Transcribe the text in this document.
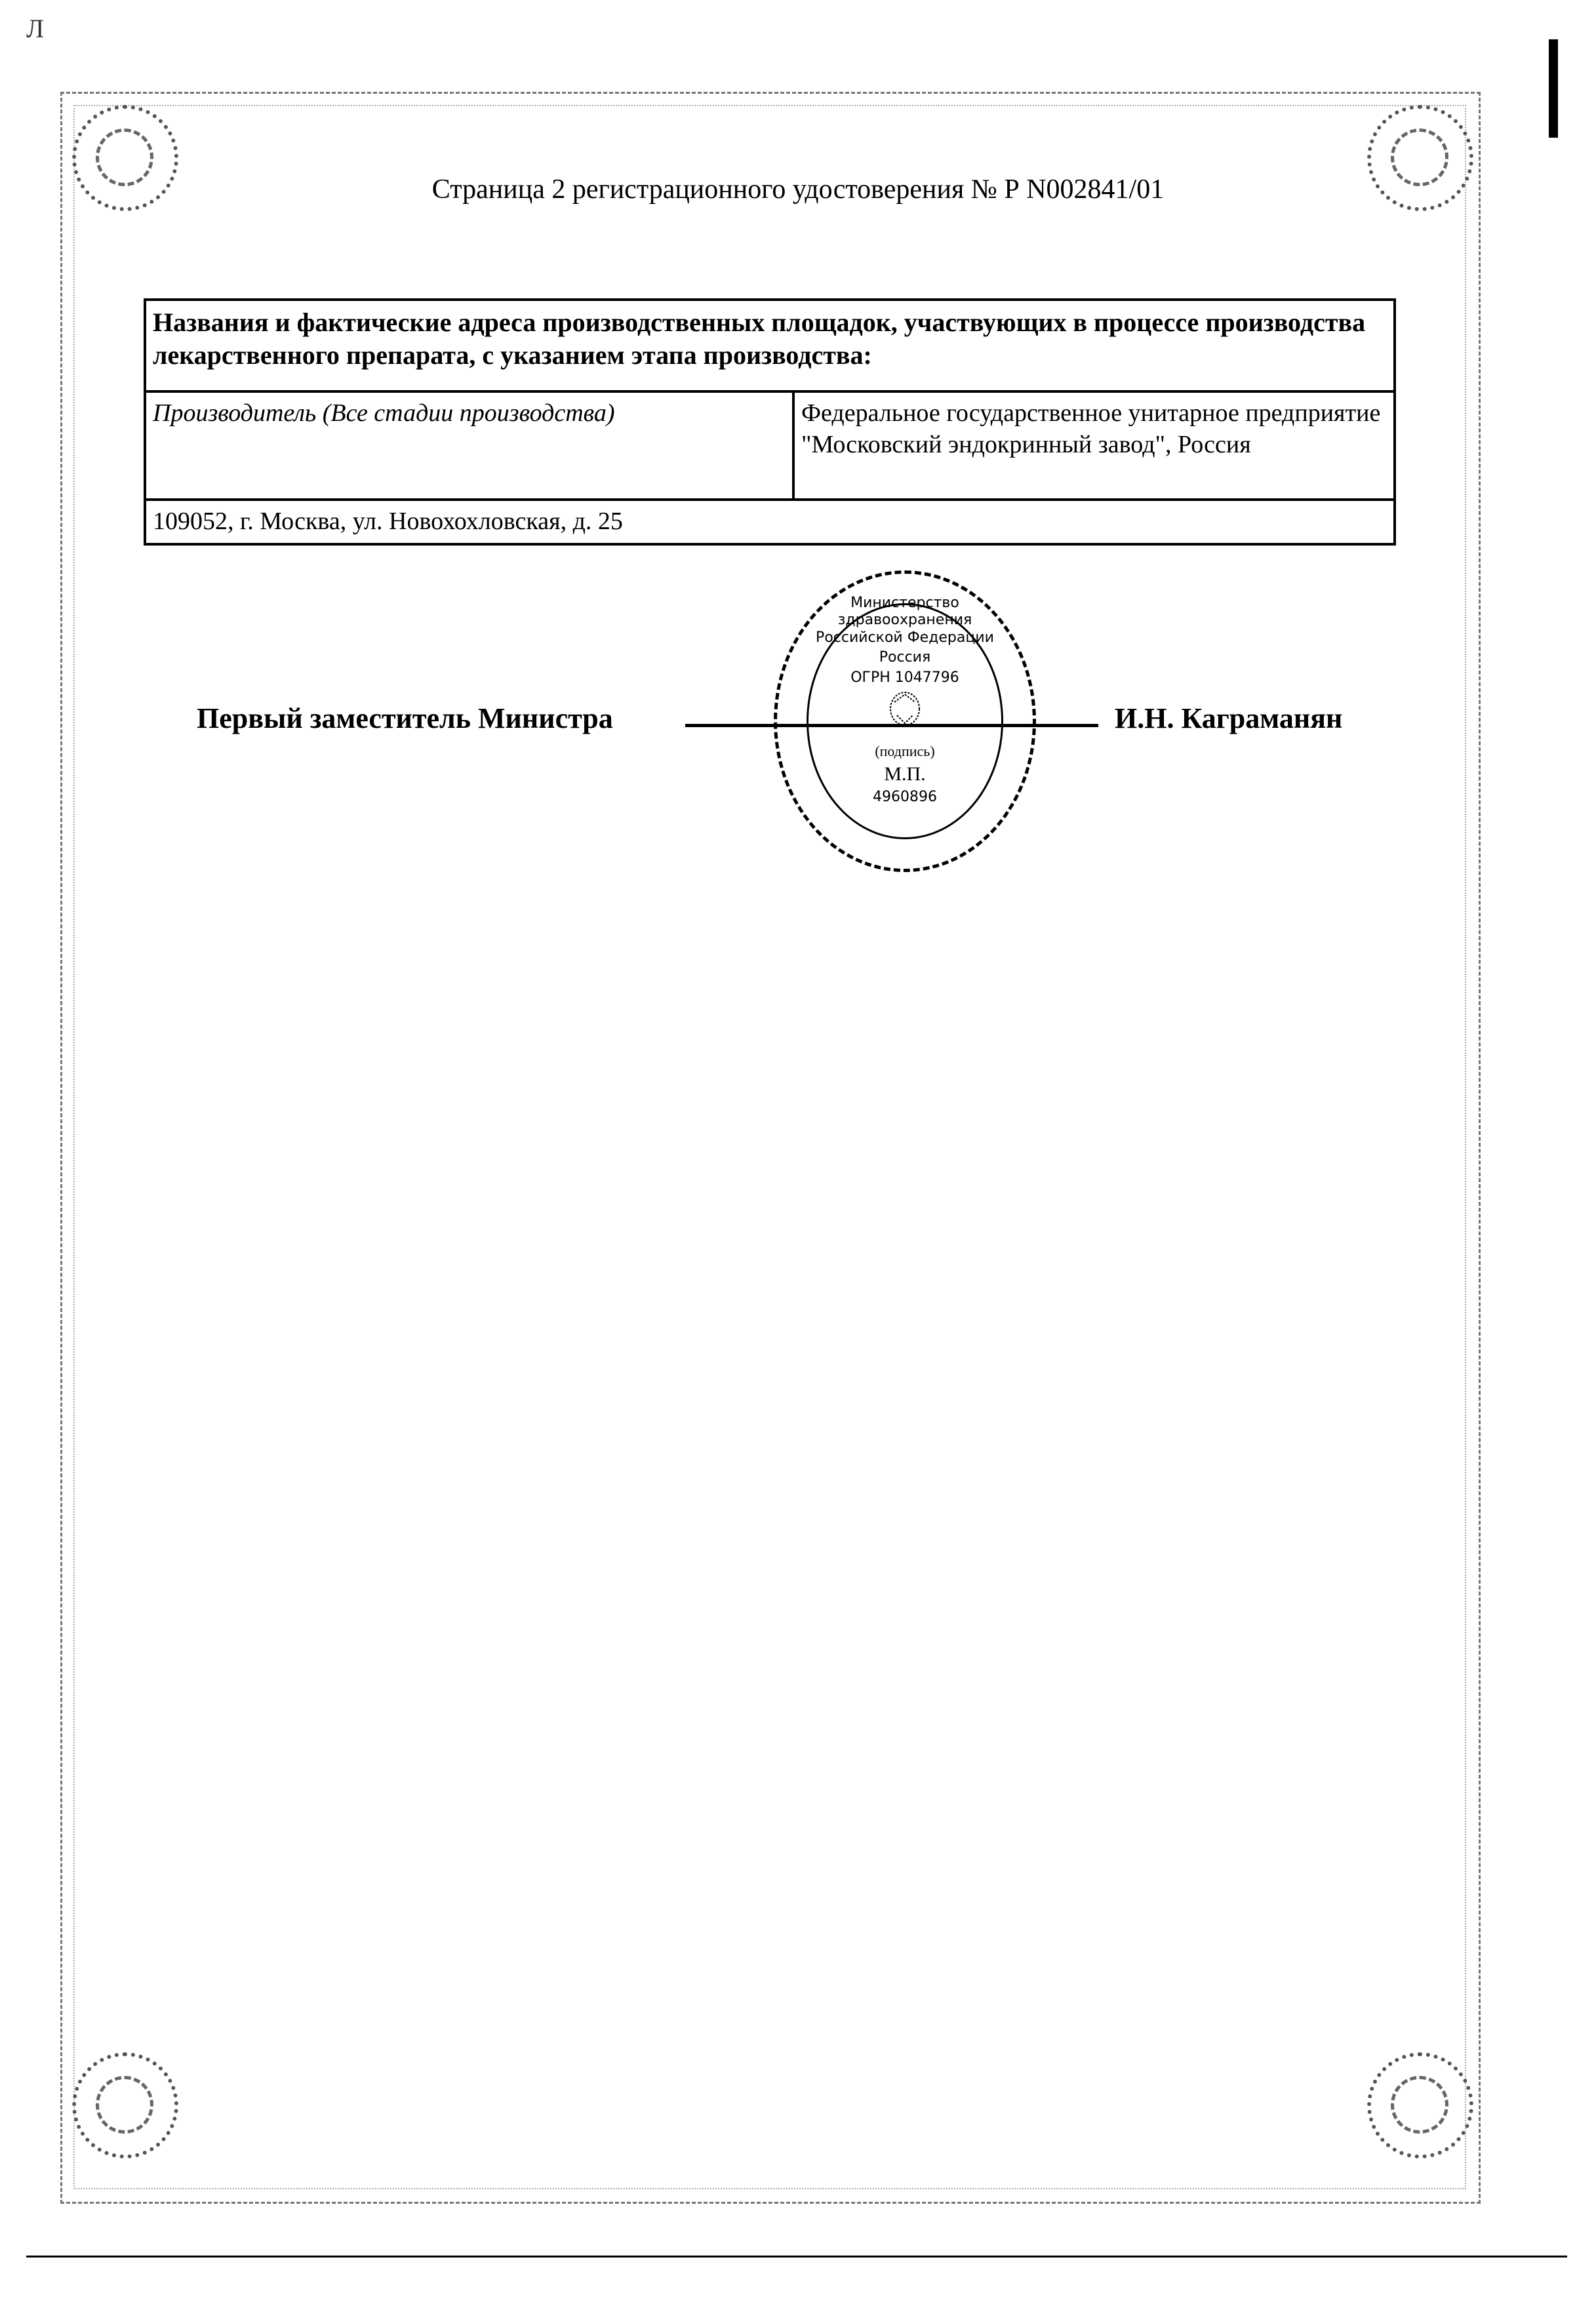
Л
Страница 2 регистрационного удостоверения № Р N002841/01
Названия и фактические адреса производственных площадок, участвующих в процессе производства лекарственного препарата, с указанием этапа производства:
Производитель (Все стадии производства)	Федеральное государственное унитарное предприятие "Московский эндокринный завод", Россия
109052, г. Москва, ул. Новохохловская, д. 25
Первый заместитель Министра	И.Н. Каграманян
Министерство здравоохранения Российской Федерации
Россия
ОГРН 1047796
(подпись)
М.П.
4960896
